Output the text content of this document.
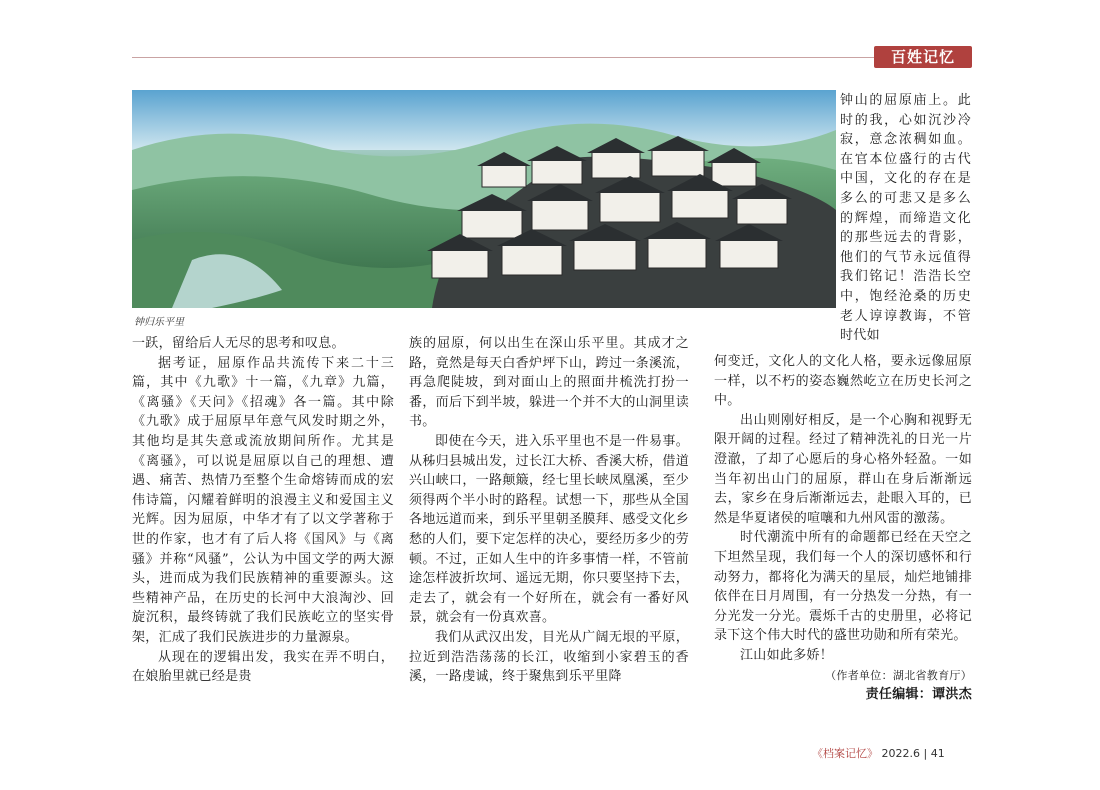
百姓记忆
钟归乐平里

一跃，留给后人无尽的思考和叹息。

据考证，屈原作品共流传下来二十三篇，其中《九歌》十一篇，《九章》九篇，《离骚》《天问》《招魂》各一篇。其中除《九歌》成于屈原早年意气风发时期之外，其他均是其失意或流放期间所作。尤其是《离骚》，可以说是屈原以自己的理想、遭遇、痛苦、热情乃至整个生命熔铸而成的宏伟诗篇，闪耀着鲜明的浪漫主义和爱国主义光辉。因为屈原，中华才有了以文学著称于世的作家，也才有了后人将《国风》与《离骚》并称“风骚”，公认为中国文学的两大源头，进而成为我们民族精神的重要源头。这些精神产品，在历史的长河中大浪淘沙、回旋沉积，最终铸就了我们民族屹立的坚实骨架，汇成了我们民族进步的力量源泉。

从现在的逻辑出发，我实在弄不明白，在娘胎里就已经是贵

族的屈原，何以出生在深山乐平里。其成才之路，竟然是每天白香炉坪下山，跨过一条溪流，再急爬陡坡，到对面山上的照面井梳洗打扮一番，而后下到半坡，躲进一个并不大的山洞里读书。

即使在今天，进入乐平里也不是一件易事。从秭归县城出发，过长江大桥、香溪大桥，借道兴山峡口，一路颠簸，经七里长峡凤凰溪，至少须得两个半小时的路程。试想一下，那些从全国各地远道而来，到乐平里朝圣膜拜、感受文化乡愁的人们，要下定怎样的决心，要经历多少的劳顿。不过，正如人生中的许多事情一样，不管前途怎样波折坎坷、遥远无期，你只要坚持下去，走去了，就会有一个好所在，就会有一番好风景，就会有一份真欢喜。

我们从武汉出发，目光从广阔无垠的平原，拉近到浩浩荡荡的长江，收缩到小家碧玉的香溪，一路虔诚，终于聚焦到乐平里降

钟山的屈原庙上。此时的我，心如沉沙冷寂，意念浓稠如血。在官本位盛行的古代中国，文化的存在是多么的可悲又是多么的辉煌，而缔造文化的那些远去的背影，他们的气节永远值得我们铭记！浩浩长空中，饱经沧桑的历史老人谆谆教诲，不管时代如

何变迁，文化人的文化人格，要永远像屈原一样，以不朽的姿态巍然屹立在历史长河之中。

出山则刚好相反，是一个心胸和视野无限开阔的过程。经过了精神洗礼的日光一片澄澈，了却了心愿后的身心格外轻盈。一如当年初出山门的屈原，群山在身后渐渐远去，家乡在身后渐渐远去，赴眼入耳的，已然是华夏诸侯的喧嚷和九州风雷的激荡。

时代潮流中所有的命题都已经在天空之下坦然呈现，我们每一个人的深切感怀和行动努力，都将化为满天的星辰，灿烂地铺排依伴在日月周围，有一分热发一分热，有一分光发一分光。震烁千古的史册里，必将记录下这个伟大时代的盛世功勋和所有荣光。

江山如此多娇！

（作者单位：湖北省教育厅）

责任编辑：谭洪杰

《档案记忆》 2022.6 | 41
